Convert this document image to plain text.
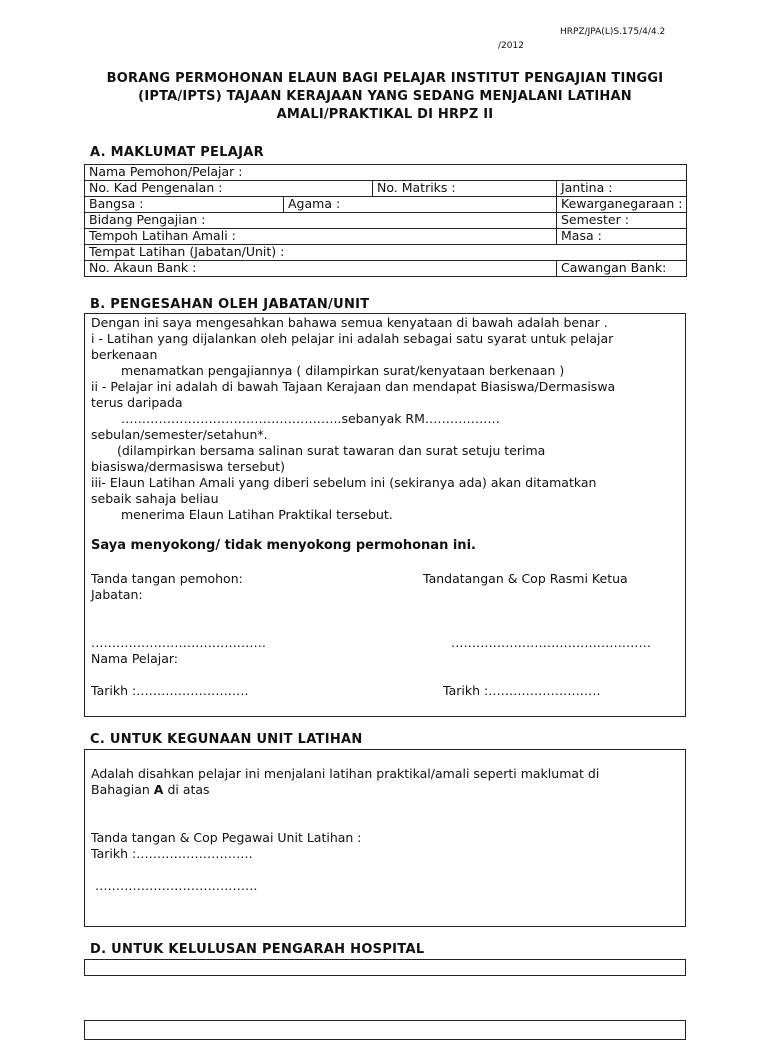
HRPZ/JPA(L)S.175/4/4.2
/2012
BORANG PERMOHONAN ELAUN BAGI PELAJAR INSTITUT PENGAJIAN TINGGI
(IPTA/IPTS) TAJAAN KERAJAAN YANG SEDANG MENJALANI LATIHAN
AMALI/PRAKTIKAL DI HRPZ II
A. MAKLUMAT PELAJAR
Nama Pemohon/Pelajar :			
No. Kad Pengenalan :		No. Matriks :	Jantina :
Bangsa :	Agama :		Kewarganegaraan :
Bidang Pengajian :			Semester :
Tempoh Latihan Amali :			Masa :
Tempat Latihan (Jabatan/Unit) :			
No. Akaun Bank :			Cawangan Bank:
B. PENGESAHAN OLEH JABATAN/UNIT
Dengan ini saya mengesahkan bahawa semua kenyataan di bawah adalah benar .
i - Latihan yang dijalankan oleh pelajar ini adalah sebagai satu syarat untuk pelajar
berkenaan
menamatkan pengajiannya ( dilampirkan surat/kenyataan berkenaan )
ii - Pelajar ini adalah di bawah Tajaan Kerajaan dan mendapat Biasiswa/Dermasiswa
terus daripada
……………………………………………..sebanyak RM………………
sebulan/semester/setahun*.
(dilampirkan bersama salinan surat tawaran dan surat setuju terima
biasiswa/dermasiswa tersebut)
iii- Elaun Latihan Amali yang diberi sebelum ini (sekiranya ada) akan ditamatkan
sebaik sahaja beliau
menerima Elaun Latihan Praktikal tersebut.
Saya menyokong/ tidak menyokong permohonan ini.
Tanda tangan pemohon:	Tandatangan & Cop Rasmi Ketua
Jabatan:
……………………………………	…………………………………………
Nama Pelajar:
Tarikh :………………………	Tarikh :………………………
C. UNTUK KEGUNAAN UNIT LATIHAN
Adalah disahkan pelajar ini menjalani latihan praktikal/amali seperti maklumat di
Bahagian A di atas
Tanda tangan & Cop Pegawai Unit Latihan :
Tarikh :……………………….
…………………………………
D. UNTUK KELULUSAN PENGARAH HOSPITAL
